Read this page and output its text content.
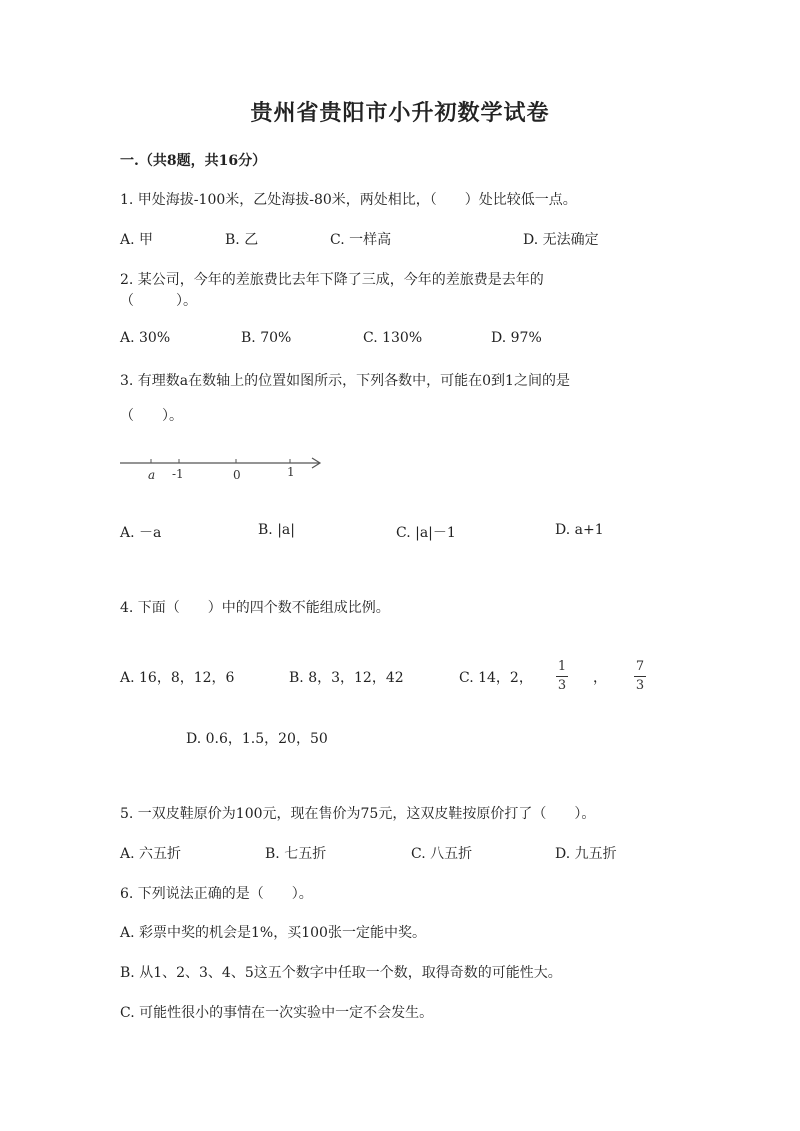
贵州省贵阳市小升初数学试卷
一.（共8题，共16分）
1. 甲处海拔-100米，乙处海拔-80米，两处相比，（　　）处比较低一点。
A. 甲	B. 乙	C. 一样高	D. 无法确定
2. 某公司，今年的差旅费比去年下降了三成，今年的差旅费是去年的
（　　　）。
A. 30%	B. 70%	C. 130%	D. 97%
3. 有理数a在数轴上的位置如图所示，下列各数中，可能在0到1之间的是
（　　）。
a -1	0	1
A. －a	B. |a|	C. |a|－1	D. a+1
4. 下面（　　）中的四个数不能组成比例。
A. 16，8，12，6	B. 8，3，12，42	C. 14，2，
1
3 ，
7
3
D. 0.6，1.5，20，50
5. 一双皮鞋原价为100元，现在售价为75元，这双皮鞋按原价打了（　　）。
A. 六五折	B. 七五折	C. 八五折	D. 九五折
6. 下列说法正确的是（　　）。
A. 彩票中奖的机会是1%，买100张一定能中奖。
B. 从1、2、3、4、5这五个数字中任取一个数，取得奇数的可能性大。
C. 可能性很小的事情在一次实验中一定不会发生。
